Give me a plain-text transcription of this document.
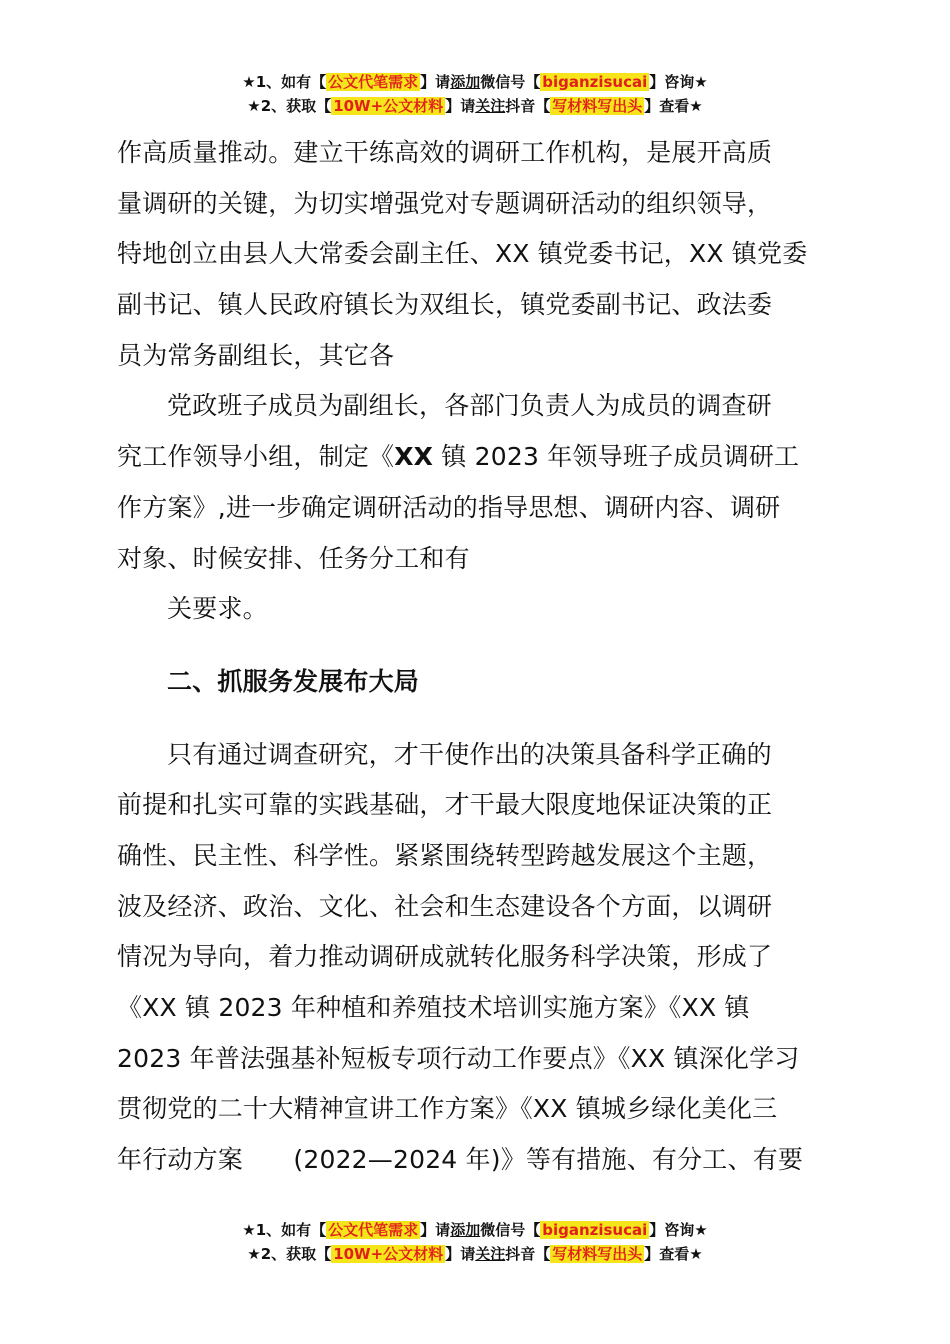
★1、如有【 公文代笔需求 】请添加微信号【 biganzisucai 】咨询★
★2、获取【 10W+公文材料 】请关注抖音【 写材料写出头 】查看★
作高质量推动。建立干练高效的调研工作机构，是展开高质
量调研的关键，为切实增强党对专题调研活动的组织领导，
特地创立由县人大常委会副主任、XX 镇党委书记，XX 镇党委
副书记、镇人民政府镇长为双组长，镇党委副书记、政法委
员为常务副组长，其它各
党政班子成员为副组长，各部门负责人为成员的调查研
究工作领导小组，制定《XX 镇 2023 年领导班子成员调研工
作方案》,进一步确定调研活动的指导思想、调研内容、调研
对象、时候安排、任务分工和有
关要求。
二、抓服务发展布大局
只有通过调查研究，才干使作出的决策具备科学正确的
前提和扎实可靠的实践基础，才干最大限度地保证决策的正
确性、民主性、科学性。紧紧围绕转型跨越发展这个主题，
波及经济、政治、文化、社会和生态建设各个方面，以调研
情况为导向，着力推动调研成就转化服务科学决策，形成了
《XX 镇 2023 年种植和养殖技术培训实施方案》《XX 镇
2023 年普法强基补短板专项行动工作要点》《XX 镇深化学习
贯彻党的二十大精神宣讲工作方案》《XX 镇城乡绿化美化三
年行动方案　　(2022—2024 年)》等有措施、有分工、有要
★1、如有【 公文代笔需求 】请添加微信号【 biganzisucai 】咨询★
★2、获取【 10W+公文材料 】请关注抖音【 写材料写出头 】查看★
